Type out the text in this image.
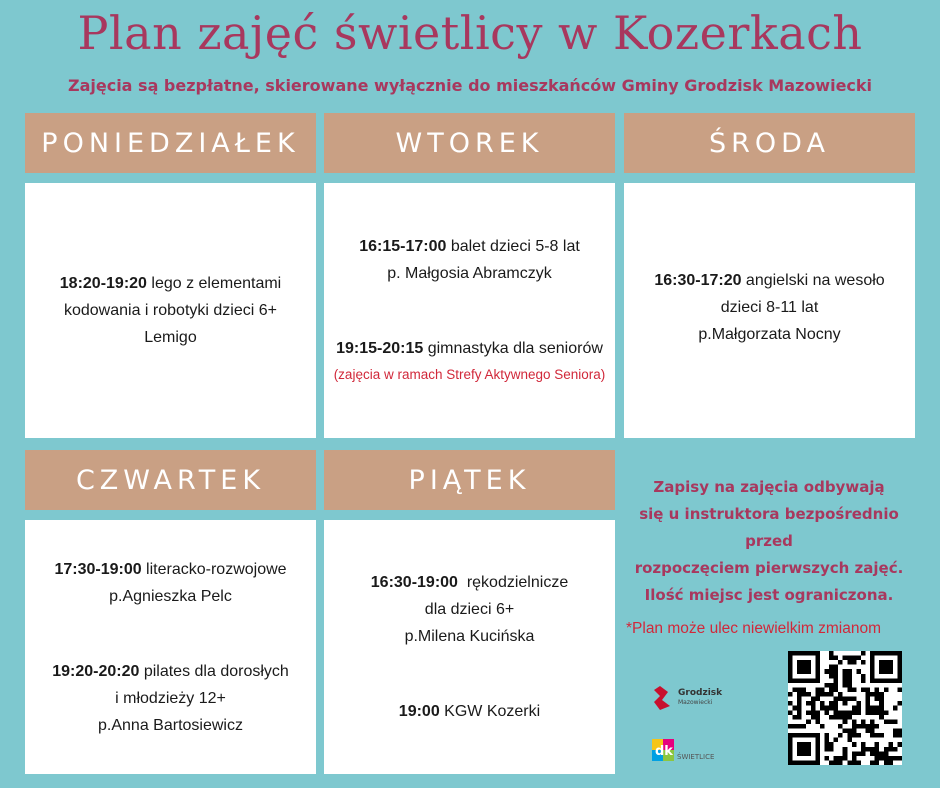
Plan zajęć świetlicy w Kozerkach
Zajęcia są bezpłatne, skierowane wyłącznie do mieszkańców Gminy Grodzisk Mazowiecki
PONIEDZIAŁEK	WTOREK	ŚRODA
CZWARTEK	PIĄTEK
18:20-19:20 lego z elementami
kodowania i robotyki dzieci 6+
Lemigo
16:15-17:00 balet dzieci 5-8 lat
p. Małgosia Abramczyk
19:15-20:15 gimnastyka dla seniorów
(zajęcia w ramach Strefy Aktywnego Seniora)
16:30-17:20 angielski na wesoło
dzieci 8-11 lat
p.Małgorzata Nocny
17:30-19:00 literacko-rozwojowe
p.Agnieszka Pelc
19:20-20:20 pilates dla dorosłych
i młodzieży 12+
p.Anna Bartosiewicz
16:30-19:00  rękodzielnicze
dla dzieci 6+
p.Milena Kucińska
19:00 KGW Kozerki
Zapisy na zajęcia odbywają
się u instruktora bezpośrednio przed
rozpoczęciem pierwszych zajęć.
Ilość miejsc jest ograniczona.
*Plan może ulec niewielkim zmianom
Grodzisk
Mazowiecki
dk ŚWIETLICE
